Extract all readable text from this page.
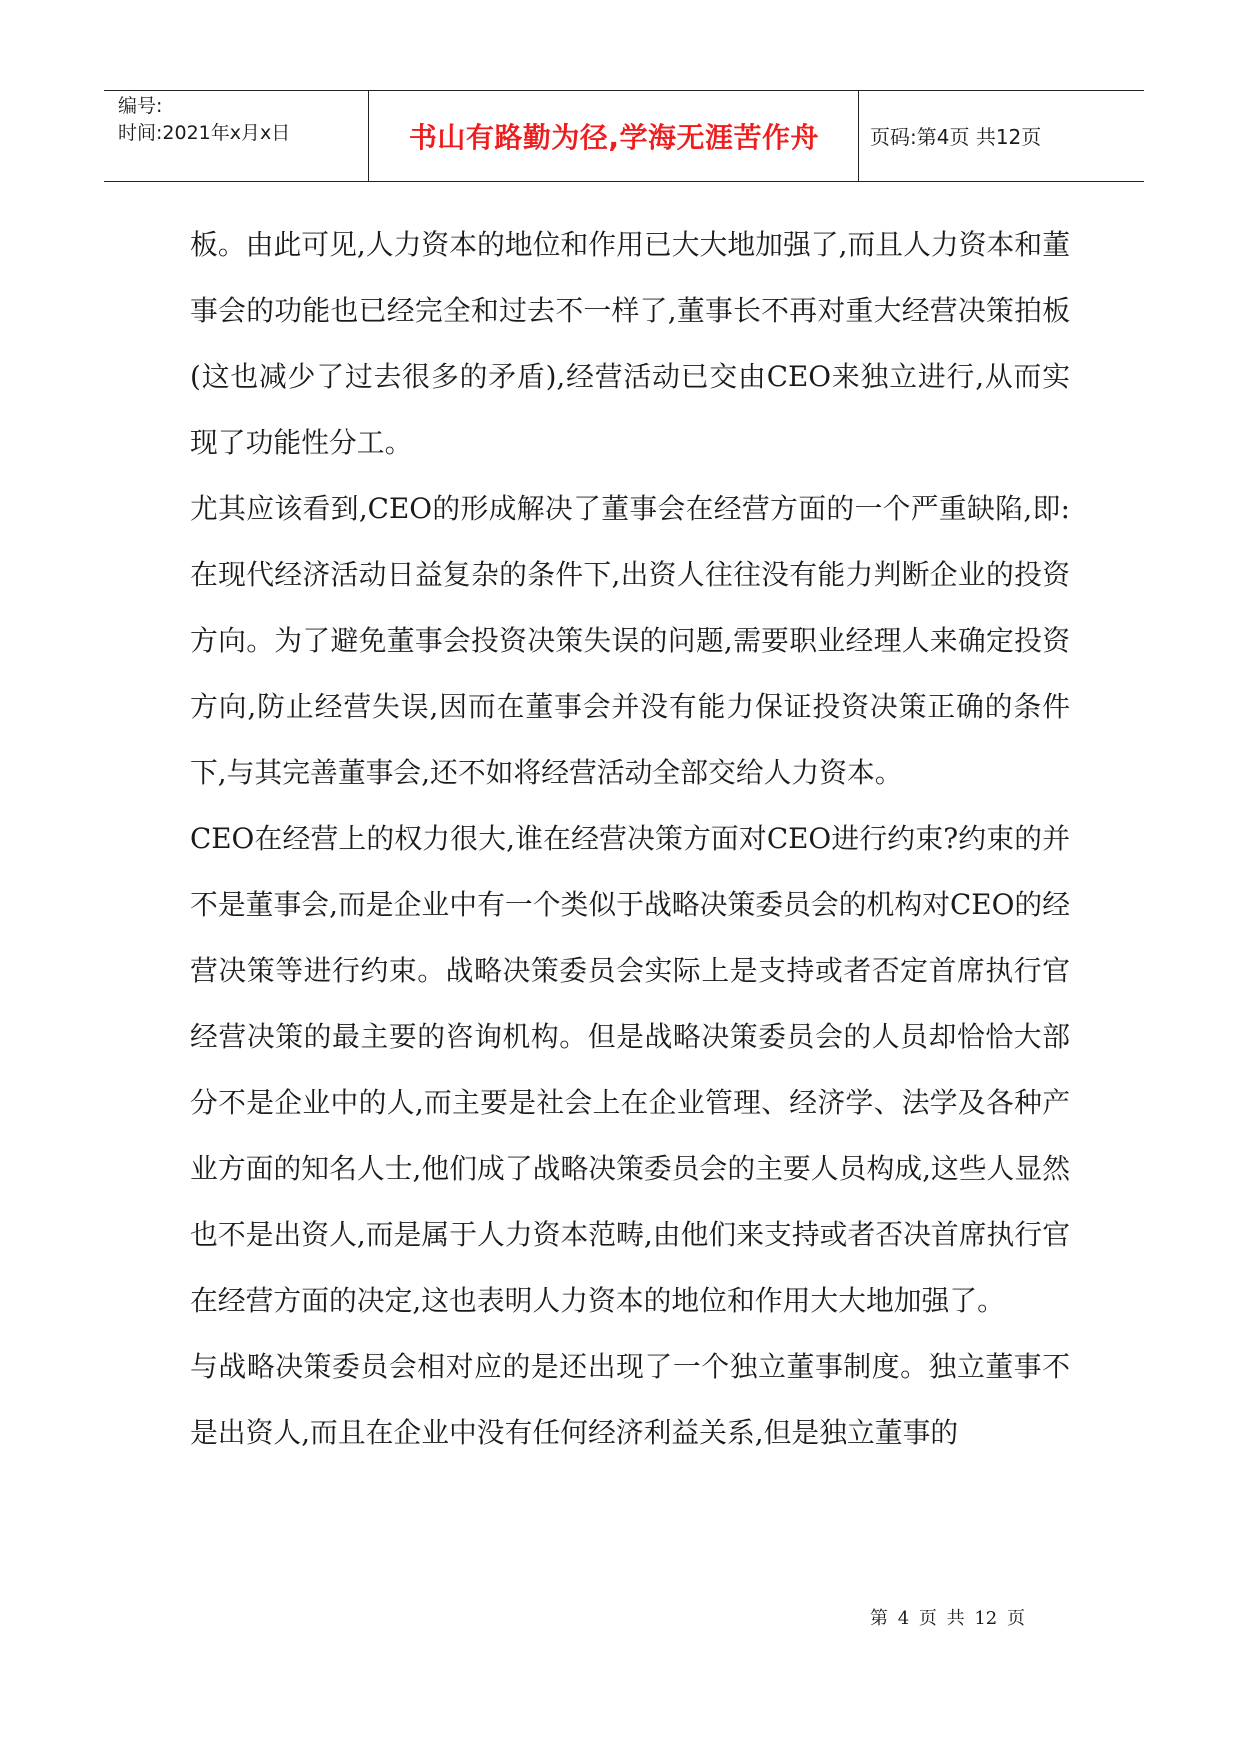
编号:
时间:2021年x月x日	书山有路勤为径,学海无涯苦作舟	页码:第4页 共12页

板。由此可见,人力资本的地位和作用已大大地加强了,而且人力资本和董事会的功能也已经完全和过去不一样了,董事长不再对重大经营决策拍板(这也减少了过去很多的矛盾),经营活动已交由CEO来独立进行,从而实现了功能性分工。

尤其应该看到,CEO的形成解决了董事会在经营方面的一个严重缺陷,即:在现代经济活动日益复杂的条件下,出资人往往没有能力判断企业的投资方向。为了避免董事会投资决策失误的问题,需要职业经理人来确定投资方向,防止经营失误,因而在董事会并没有能力保证投资决策正确的条件下,与其完善董事会,还不如将经营活动全部交给人力资本。

CEO在经营上的权力很大,谁在经营决策方面对CEO进行约束?约束的并不是董事会,而是企业中有一个类似于战略决策委员会的机构对CEO的经营决策等进行约束。战略决策委员会实际上是支持或者否定首席执行官经营决策的最主要的咨询机构。但是战略决策委员会的人员却恰恰大部分不是企业中的人,而主要是社会上在企业管理、经济学、法学及各种产业方面的知名人士,他们成了战略决策委员会的主要人员构成,这些人显然也不是出资人,而是属于人力资本范畴,由他们来支持或者否决首席执行官在经营方面的决定,这也表明人力资本的地位和作用大大地加强了。

与战略决策委员会相对应的是还出现了一个独立董事制度。独立董事不是出资人,而且在企业中没有任何经济利益关系,但是独立董事的

第 4 页 共 12 页
